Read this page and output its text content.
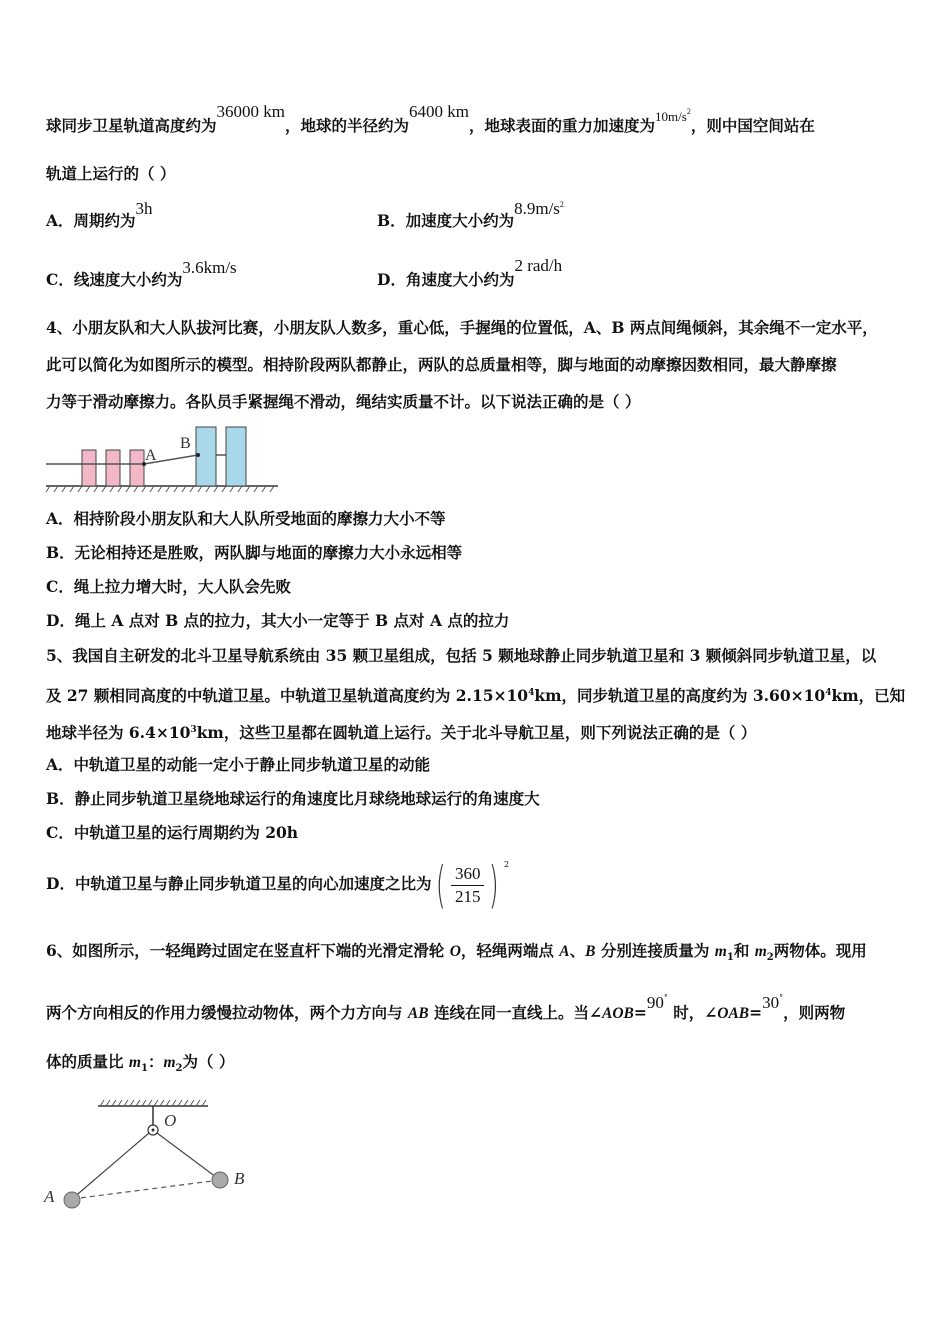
球同步卫星轨道高度约为36000 km，地球的半径约为6400 km，地球表面的重力加速度为$^{10m/s^2}$，则中国空间站在
轨道上运行的（ ）
A．周期约为3h
B．加速度大小约为$8.9m/s^2$
C．线速度大小约为3.6km/s
D．角速度大小约为2 rad/h
4、小朋友队和大人队拔河比赛，小朋友队人数多，重心低，手握绳的位置低，A、B 两点间绳倾斜，其余绳不一定水平，
此可以简化为如图所示的模型。相持阶段两队都静止，两队的总质量相等，脚与地面的动摩擦因数相同，最大静摩擦
力等于滑动摩擦力。各队员手紧握绳不滑动，绳结实质量不计。以下说法正确的是（ ）
A
B
A．相持阶段小朋友队和大人队所受地面的摩擦力大小不等
B．无论相持还是胜败，两队脚与地面的摩擦力大小永远相等
C．绳上拉力增大时，大人队会先败
D．绳上 A 点对 B 点的拉力，其大小一定等于 B 点对 A 点的拉力
5、我国自主研发的北斗卫星导航系统由 35 颗卫星组成，包括 5 颗地球静止同步轨道卫星和 3 颗倾斜同步轨道卫星，以
及 27 颗相同高度的中轨道卫星。中轨道卫星轨道高度约为 $2.15\times 10^4km$，同步轨道卫星的高度约为 $3.60\times 10^4km$，已知
地球半径为 $6.4\times 10^3km$，这些卫星都在圆轨道上运行。关于北斗导航卫星，则下列说法正确的是（ ）
A．中轨道卫星的动能一定小于静止同步轨道卫星的动能
B．静止同步轨道卫星绕地球运行的角速度比月球绕地球运行的角速度大
C．中轨道卫星的运行周期约为 20h
D．中轨道卫星与静止同步轨道卫星的向心加速度之比为( $\frac{360}{215}$ ) $^2$
6、如图所示，一轻绳跨过固定在竖直杆下端的光滑定滑轮 O，轻绳两端点 A、B 分别连接质量为 $m_1$和 $m_2$两物体。现用
两个方向相反的作用力缓慢拉动物体，两个力方向与 AB 连线在同一直线上。当∠AOB=90° 时，∠OAB=30°，则两物
体的质量比 $m_1$：$m_2$为（ ）
O
A
B
